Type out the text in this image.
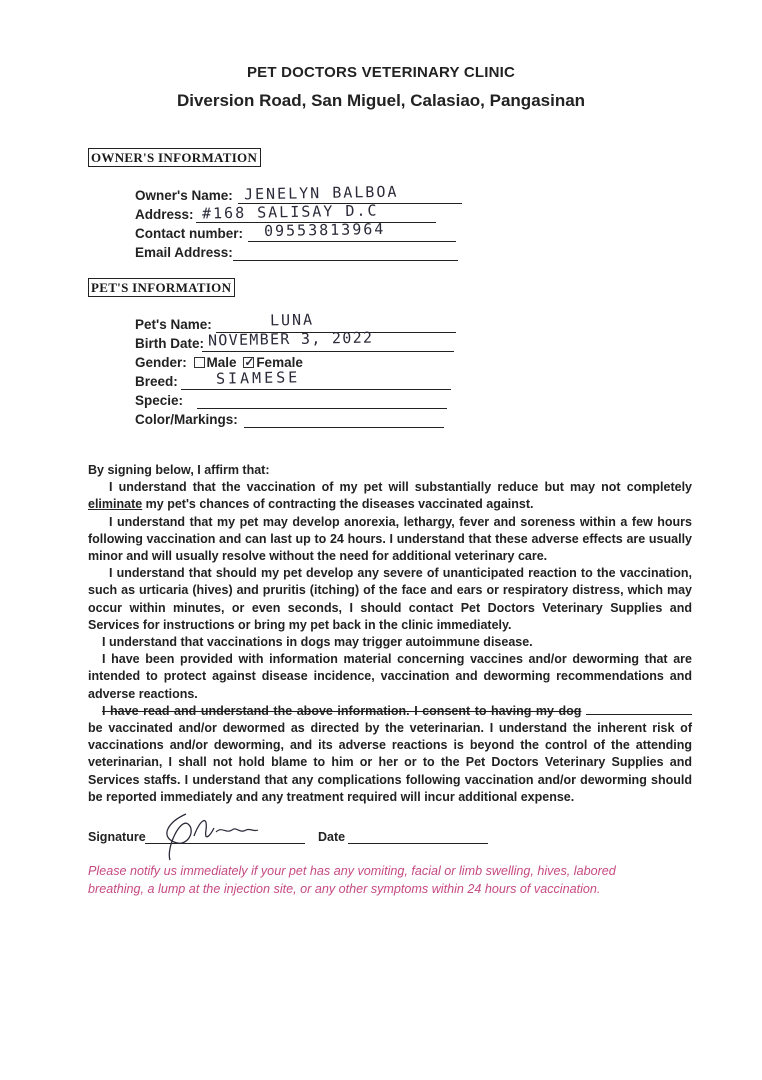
PET DOCTORS VETERINARY CLINIC
Diversion Road, San Miguel, Calasiao, Pangasinan
OWNER'S INFORMATION
Owner's Name: JENELYN BALBOA
Address: #168 SALISAY D.C
Contact number: 09553813964
Email Address:
PET'S INFORMATION
Pet's Name:	LUNA
Birth Date: NOVEMBER 3, 2022
Gender: Male ✓ Female
Breed:	SIAMESE
Specie:
Color/Markings:

By signing below, I affirm that:

I understand that the vaccination of my pet will substantially reduce but may not completely eliminate my pet's chances of contracting the diseases vaccinated against.

I understand that my pet may develop anorexia, lethargy, fever and soreness within a few hours following vaccination and can last up to 24 hours. I understand that these adverse effects are usually minor and will usually resolve without the need for additional veterinary care.

I understand that should my pet develop any severe of unanticipated reaction to the vaccination, such as urticaria (hives) and pruritis (itching) of the face and ears or respiratory distress, which may occur within minutes, or even seconds, I should contact Pet Doctors Veterinary Supplies and Services for instructions or bring my pet back in the clinic immediately.

I understand that vaccinations in dogs may trigger autoimmune disease.

I have been provided with information material concerning vaccines and/or deworming that are intended to protect against disease incidence, vaccination and deworming recommendations and adverse reactions.

I have read and understand the above information. I consent to having my dog  be vaccinated and/or dewormed as directed by the veterinarian. I understand the inherent risk of vaccinations and/or deworming, and its adverse reactions is beyond the control of the attending veterinarian, I shall not hold blame to him or her or to the Pet Doctors Veterinary Supplies and Services staffs. I understand that any complications following vaccination and/or deworming should be reported immediately and any treatment required will incur additional expense.

Signature	Date
Please notify us immediately if your pet has any vomiting, facial or limb swelling, hives, labored breathing, a lump at the injection site, or any other symptoms within 24 hours of vaccination.
